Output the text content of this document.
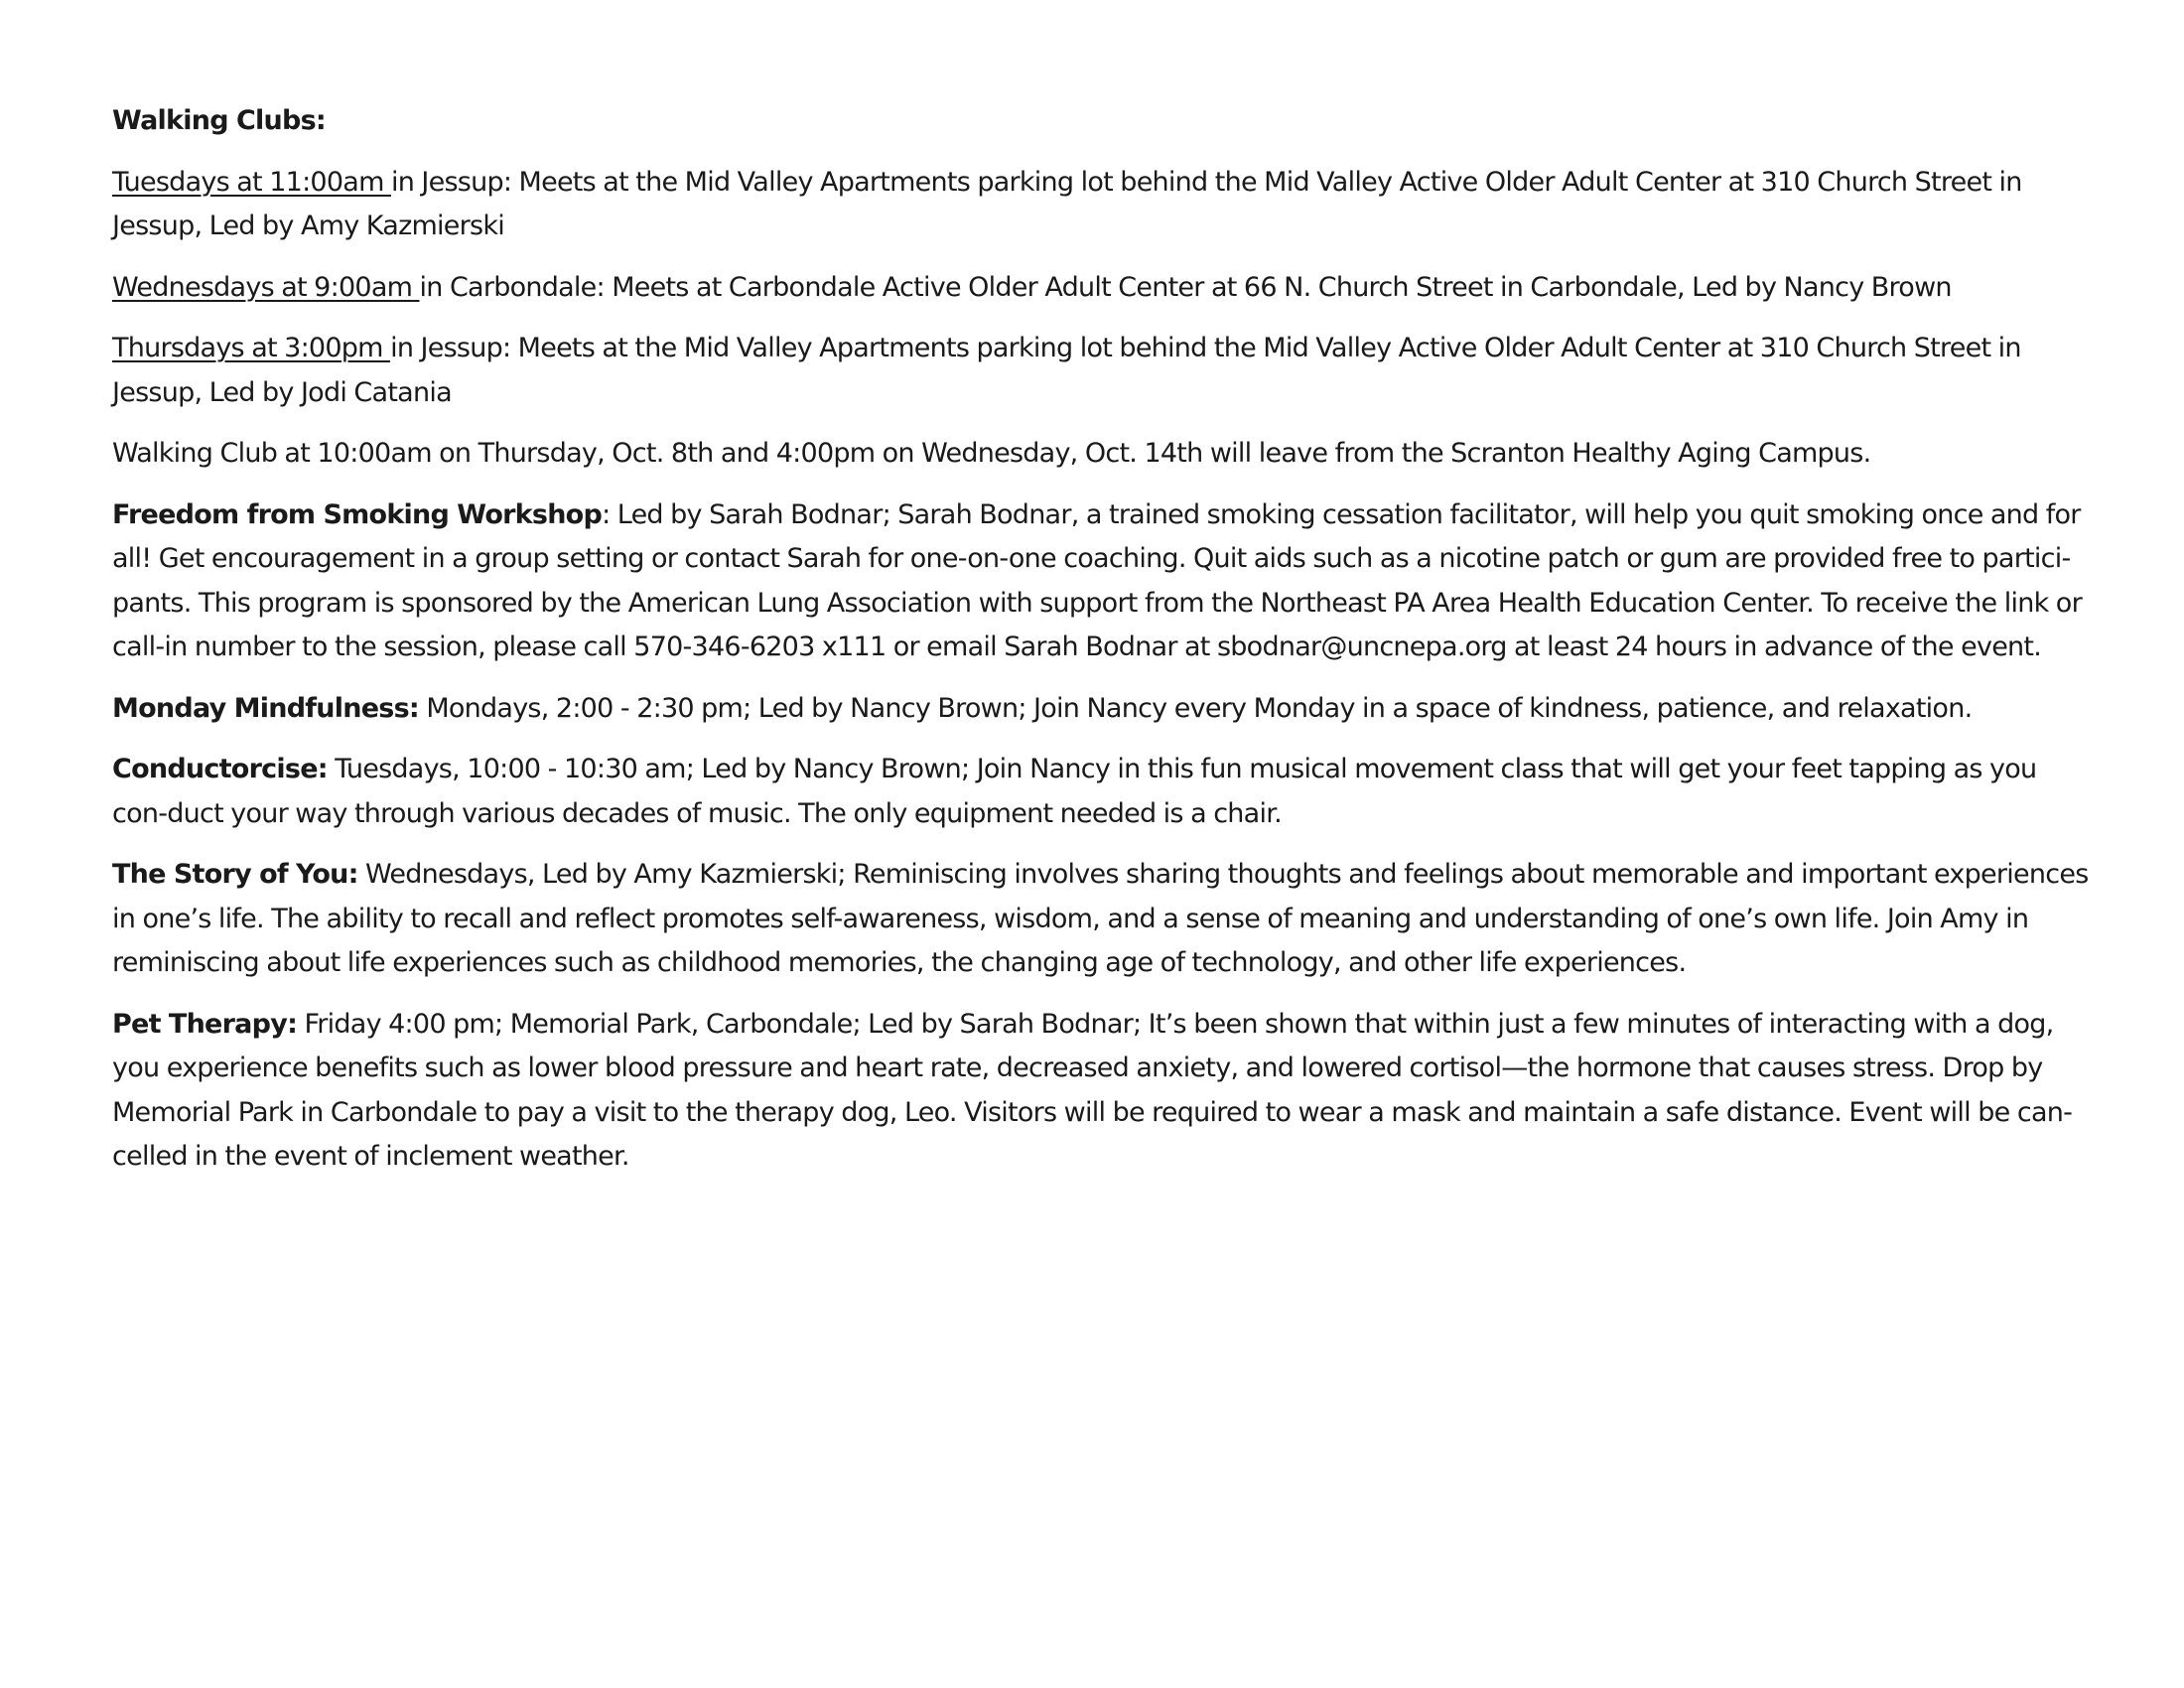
Walking Clubs:

Tuesdays at 11:00am in Jessup: Meets at the Mid Valley Apartments parking lot behind the Mid Valley Active Older Adult Center at 310 Church Street in Jessup, Led by Amy Kazmierski

Wednesdays at 9:00am in Carbondale: Meets at Carbondale Active Older Adult Center at 66 N. Church Street in Carbondale, Led by Nancy Brown

Thursdays at 3:00pm in Jessup: Meets at the Mid Valley Apartments parking lot behind the Mid Valley Active Older Adult Center at 310 Church Street in Jessup, Led by Jodi Catania

Walking Club at 10:00am on Thursday, Oct. 8th and 4:00pm on Wednesday, Oct. 14th will leave from the Scranton Healthy Aging Campus.

Freedom from Smoking Workshop: Led by Sarah Bodnar; Sarah Bodnar, a trained smoking cessation facilitator, will help you quit smoking once and for all! Get encouragement in a group setting or contact Sarah for one-on-one coaching. Quit aids such as a nicotine patch or gum are provided free to partici-pants. This program is sponsored by the American Lung Association with support from the Northeast PA Area Health Education Center. To receive the link or call-in number to the session, please call 570-346-6203 x111 or email Sarah Bodnar at sbodnar@uncnepa.org at least 24 hours in advance of the event.

Monday Mindfulness: Mondays, 2:00 - 2:30 pm; Led by Nancy Brown; Join Nancy every Monday in a space of kindness, patience, and relaxation.

Conductorcise: Tuesdays, 10:00 - 10:30 am; Led by Nancy Brown; Join Nancy in this fun musical movement class that will get your feet tapping as you con-duct your way through various decades of music. The only equipment needed is a chair.

The Story of You: Wednesdays, Led by Amy Kazmierski; Reminiscing involves sharing thoughts and feelings about memorable and important experiences in one’s life. The ability to recall and reflect promotes self-awareness, wisdom, and a sense of meaning and understanding of one’s own life. Join Amy in reminiscing about life experiences such as childhood memories, the changing age of technology, and other life experiences.

Pet Therapy: Friday 4:00 pm; Memorial Park, Carbondale; Led by Sarah Bodnar; It’s been shown that within just a few minutes of interacting with a dog, you experience benefits such as lower blood pressure and heart rate, decreased anxiety, and lowered cortisol—the hormone that causes stress. Drop by Memorial Park in Carbondale to pay a visit to the therapy dog, Leo. Visitors will be required to wear a mask and maintain a safe distance. Event will be can-celled in the event of inclement weather.
